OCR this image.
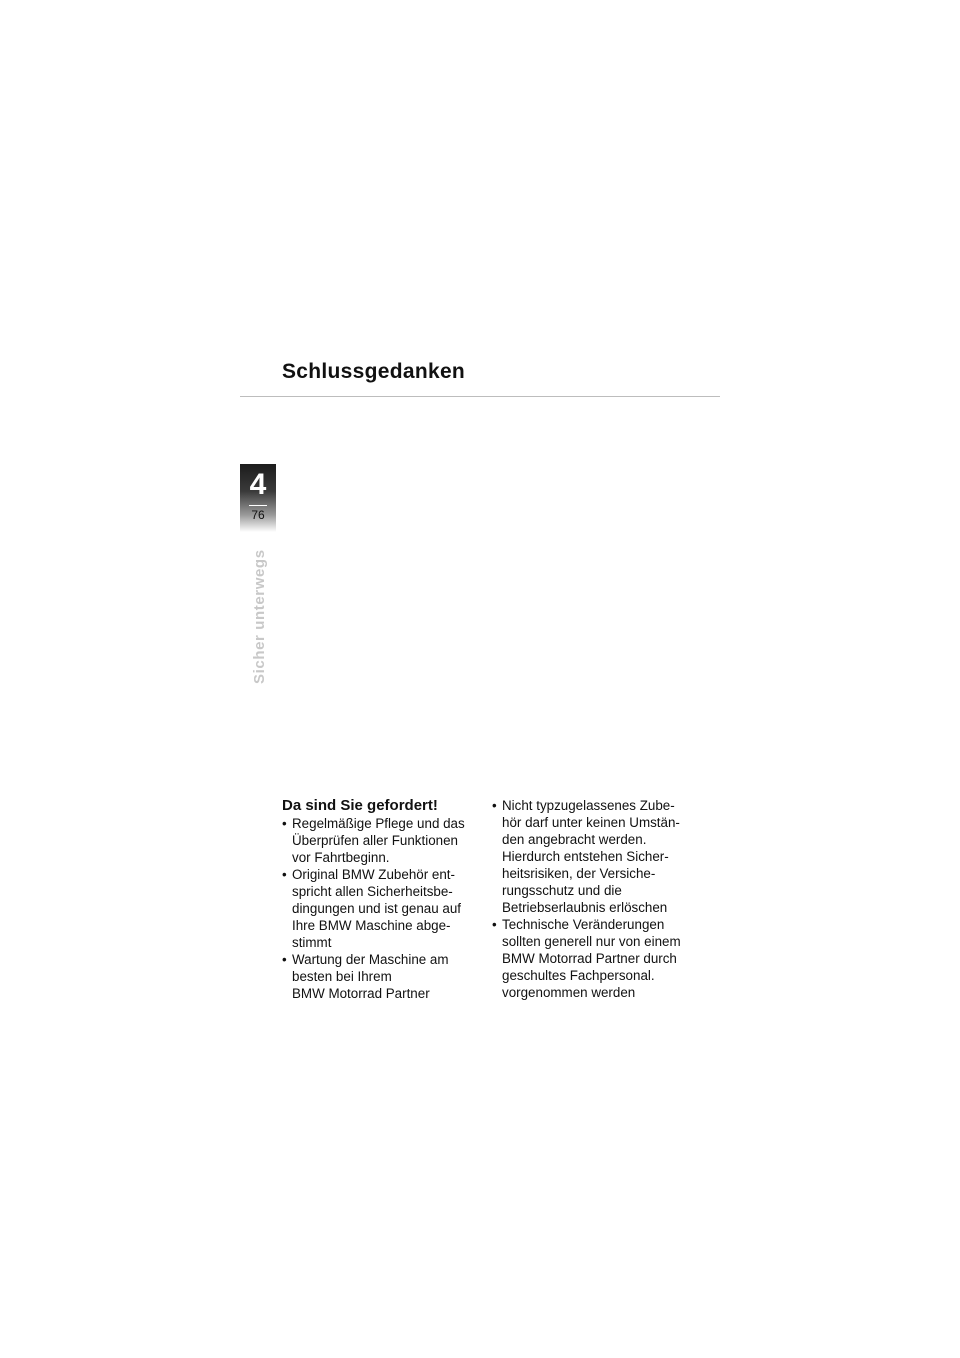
Schlussgedanken
4
76
Sicher unterwegs
Da sind Sie gefordert!
• Regelmäßige Pflege und das
Überprüfen aller Funktionen
vor Fahrtbeginn.
• Original BMW Zubehör ent-
spricht allen Sicherheitsbe-
dingungen und ist genau auf
Ihre BMW Maschine abge-
stimmt
• Wartung der Maschine am
besten bei Ihrem
BMW Motorrad Partner
• Nicht typzugelassenes Zube-
hör darf unter keinen Umstän-
den angebracht werden.
Hierdurch entstehen Sicher-
heitsrisiken, der Versiche-
rungsschutz und die
Betriebserlaubnis erlöschen
• Technische Veränderungen
sollten generell nur von einem
BMW Motorrad Partner durch
geschultes Fachpersonal.
vorgenommen werden
